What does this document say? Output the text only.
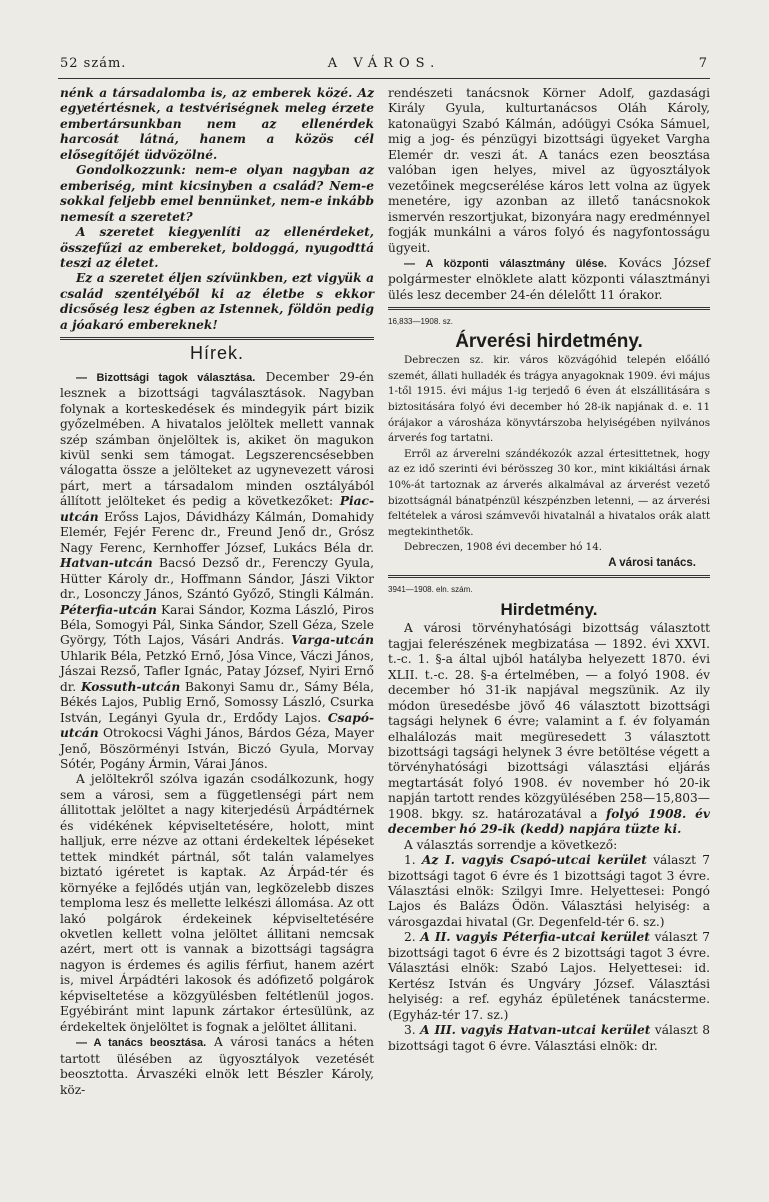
52 szám.	A VÁROS.	7

nénk a társadalomba is, az emberek közé. Az egyetértésnek, a testvériségnek meleg érzete embertársunkban nem az ellenérdek harcosát látná, hanem a közös cél elősegítőjét üdvözölné.

Gondolkozzunk: nem-e olyan nagyban az emberiség, mint kicsinyben a család? Nem-e sokkal feljebb emel bennünket, nem-e inkább nemesít a szeretet?

A szeretet kiegyenlíti az ellenérdeket, összefűzi az embereket, boldoggá, nyugodttá teszi az életet.

Ez a szeretet éljen szívünkben, ezt vigyük a család szentélyéből ki az életbe s ekkor dicsőség lesz égben az Istennek, földön pedig a jóakaró embereknek!

Hírek.

— Bizottsági tagok választása. December 29-én lesznek a bizottsági tagválasztások. Nagyban folynak a korteskedések és mindegyik párt bizik győzelmében. A hivatalos jelöltek mellett vannak szép számban önjelöltek is, akiket ön magukon kivül senki sem támogat. Legszerencsésebben válogatta össze a jelölteket az ugynevezett városi párt, mert a társadalom minden osztályából állított jelölteket és pedig a következőket: Piac-utcán Erőss Lajos, Dávidházy Kálmán, Domahidy Elemér, Fejér Ferenc dr., Freund Jenő dr., Grósz Nagy Ferenc, Kernhoffer József, Lukács Béla dr. Hatvan-utcán Bacsó Dezső dr., Ferenczy Gyula, Hütter Károly dr., Hoffmann Sándor, Jászi Viktor dr., Losonczy János, Szántó Győző, Stingli Kálmán. Péterfia-utcán Karai Sándor, Kozma László, Piros Béla, Somogyi Pál, Sinka Sándor, Szell Géza, Szele György, Tóth Lajos, Vásári András. Varga-utcán Uhlarik Béla, Petzkó Ernő, Jósa Vince, Váczi János, Jászai Rezső, Tafler Ignác, Patay József, Nyiri Ernő dr. Kossuth-utcán Bakonyi Samu dr., Sámy Béla, Békés Lajos, Publig Ernő, Somossy László, Csurka István, Legányi Gyula dr., Erdődy Lajos. Csapó-utcán Otrokocsi Vághi János, Bárdos Géza, Mayer Jenő, Böszörményi István, Biczó Gyula, Morvay Sótér, Pogány Ármin, Várai János.

A jelöltekről szólva igazán csodálkozunk, hogy sem a városi, sem a függetlenségi párt nem állitottak jelöltet a nagy kiterjedésü Árpádtérnek és vidékének képviseltetésére, holott, mint halljuk, erre nézve az ottani érdekeltek lépéseket tettek mindkét pártnál, sőt talán valamelyes biztató igéretet is kaptak. Az Árpád-tér és környéke a fejlődés utján van, legközelebb diszes temploma lesz és mellette lelkészi állomása. Az ott lakó polgárok érdekeinek képviseltetésére okvetlen kellett volna jelöltet állitani nemcsak azért, mert ott is vannak a bizottsági tagságra nagyon is érdemes és agilis férfiut, hanem azért is, mivel Árpádtéri lakosok és adófizető polgárok képviseltetése a közgyülésben feltétlenül jogos. Egyébiránt mint lapunk zártakor értesülünk, az érdekeltek önjelöltet is fognak a jelöltet állitani.

— A tanács beosztása. A városi tanács a héten tartott ülésében az ügyosztályok vezetését beosztotta. Árvaszéki elnök lett Bészler Károly, köz-

rendészeti tanácsnok Körner Adolf, gazdasági Király Gyula, kulturtanácsos Oláh Károly, katonaügyi Szabó Kálmán, adóügyi Csóka Sámuel, mig a jog- és pénzügyi bizottsági ügyeket Vargha Elemér dr. veszi át. A tanács ezen beosztása valóban igen helyes, mivel az ügyosztályok vezetőinek megcserélése káros lett volna az ügyek menetére, igy azonban az illető tanácsnokok ismervén reszortjukat, bizonyára nagy eredménnyel fogják munkálni a város folyó és nagyfontosságu ügyeit.

— A központi választmány ülése. Kovács József polgármester elnöklete alatt központi választmányi ülés lesz december 24-én délelőtt 11 órakor.

16,833—1908. sz.
Árverési hirdetmény.

Debreczen sz. kir. város közvágóhid telepén előálló szemét, állati hulladék és trágya anyagoknak 1909. évi május 1-től 1915. évi május 1-ig terjedő 6 éven át elszállitására s biztositására folyó évi december hó 28-ik napjának d. e. 11 órájakor a városháza könyvtárszoba helyiségében nyilvános árverés fog tartatni.

Erről az árverelni szándékozók azzal értesittetnek, hogy az ez idő szerinti évi bérösszeg 30 kor., mint kikiáltási árnak 10%-át tartoznak az árverés alkalmával az árverést vezető bizottságnál bánatpénzül készpénzben letenni, — az árverési feltételek a városi számvevői hivatalnál a hivatalos orák alatt megtekinthetők.

Debreczen, 1908 évi december hó 14.

A városi tanács.
3941—1908. eln. szám.
Hirdetmény.

A városi törvényhatósági bizottság választott tagjai felerészének megbizatása — 1892. évi XXVI. t.-c. 1. §-a által ujból hatályba helyezett 1870. évi XLII. t.-c. 28. §-a értelmében, — a folyó 1908. év december hó 31-ik napjával megszünik. Az ily módon üresedésbe jövő 46 választott bizottsági tagsági helynek 6 évre; valamint a f. év folyamán elhalálozás mait megüresedett 3 választott bizottsági tagsági helynek 3 évre betöltése végett a törvényhatósági bizottsági választási eljárás megtartását folyó 1908. év november hó 20-ik napján tartott rendes közgyülésében 258—15,803—1908. bkgy. sz. határozatával a folyó 1908. év december hó 29-ik (kedd) napjára tüzte ki.

A választás sorrendje a következő:

1. Az I. vagyis Csapó-utcai kerület választ 7 bizottsági tagot 6 évre és 1 bizottsági tagot 3 évre. Választási elnök: Szilgyi Imre. Helyettesei: Pongó Lajos és Balázs Ödön. Választási helyiség: a városgazdai hivatal (Gr. Degenfeld-tér 6. sz.)

2. A II. vagyis Péterfia-utcai kerület választ 7 bizottsági tagot 6 évre és 2 bizottsági tagot 3 évre. Választási elnök: Szabó Lajos. Helyettesei: id. Kertész István és Ungváry József. Választási helyiség: a ref. egyház épületének tanácsterme. (Egyház-tér 17. sz.)

3. A III. vagyis Hatvan-utcai kerület választ 8 bizottsági tagot 6 évre. Választási elnök: dr.
